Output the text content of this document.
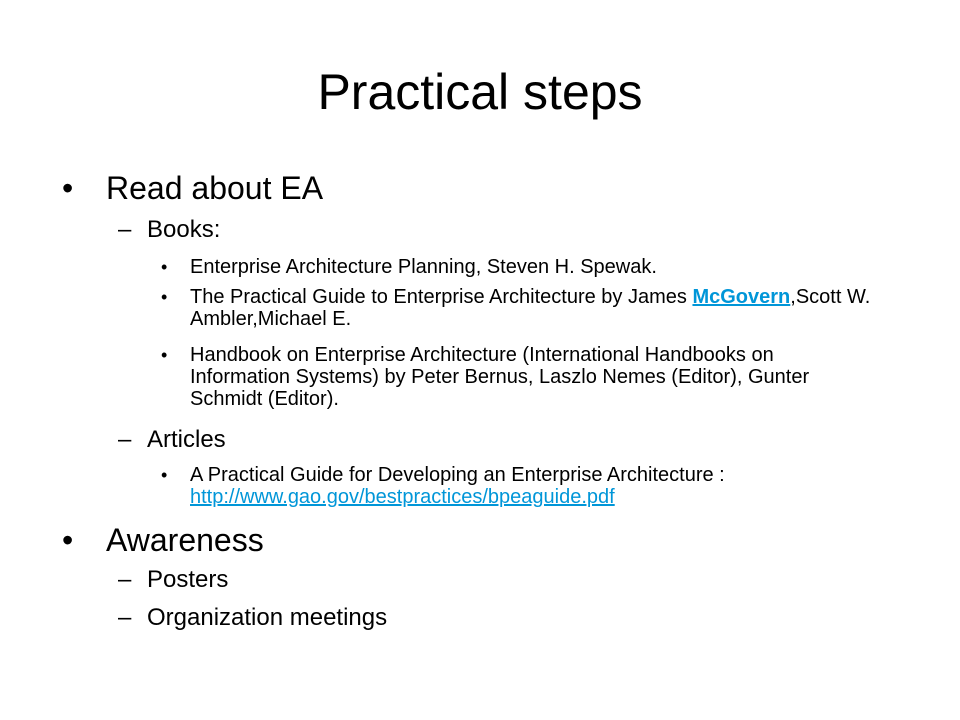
Practical steps
• Read about EA
– Books:
• Enterprise Architecture Planning, Steven H. Spewak.
• The Practical Guide to Enterprise Architecture by James McGovern,Scott W. Ambler,Michael E.
• Handbook on Enterprise Architecture (International Handbooks on Information Systems) by Peter Bernus, Laszlo Nemes (Editor), Gunter Schmidt (Editor).
– Articles
• A Practical Guide for Developing an Enterprise Architecture : http://www.gao.gov/bestpractices/bpeaguide.pdf
• Awareness
– Posters
– Organization meetings
